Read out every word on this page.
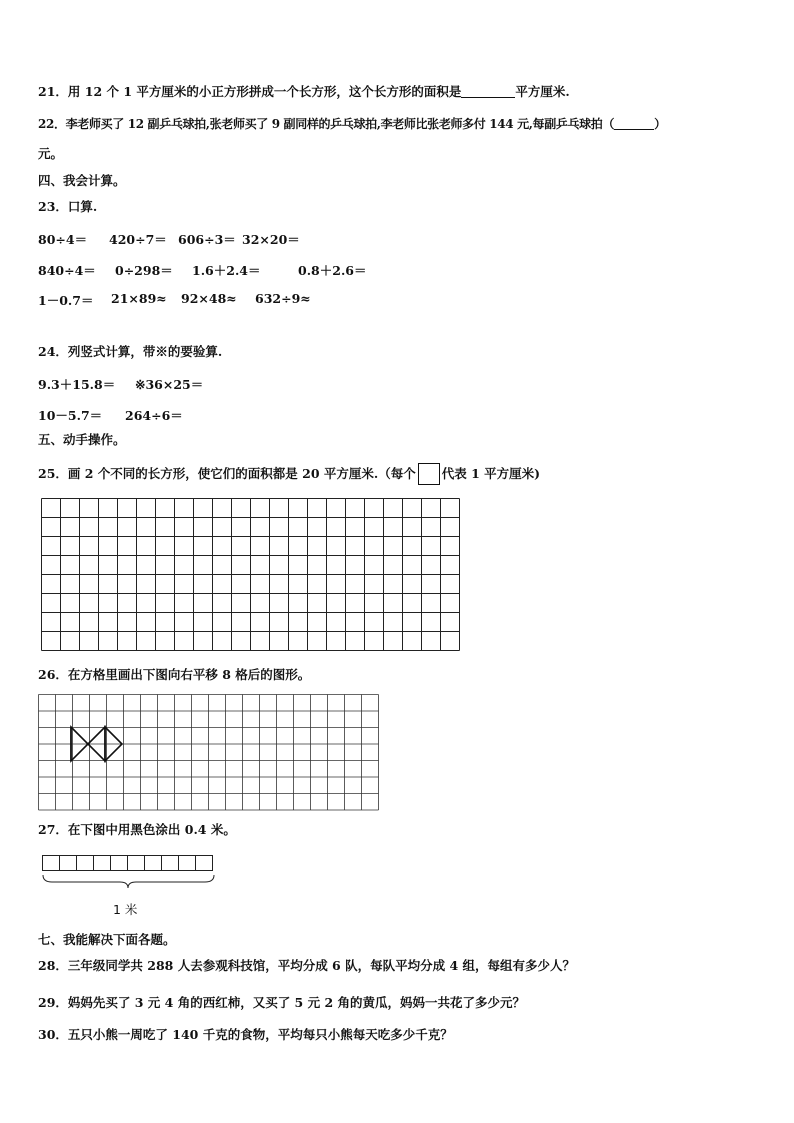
21．用 12 个 1 平方厘米的小正方形拼成一个长方形，这个长方形的面积是	平方厘米.
22．李老师买了 12 副乒乓球拍,张老师买了 9 副同样的乒乓球拍,李老师比张老师多付 144 元,每副乒乓球拍（	）
元。
四、我会计算。
23．口算.
80÷4＝ 420÷7＝ 606÷3＝ 32×20＝
840÷4＝ 0÷298＝ 1.6＋2.4＝	0.8＋2.6＝
1－0.7＝ 21×89≈ 92×48≈ 632÷9≈
24．列竖式计算，带※的要验算.
9.3＋15.8＝ ※36×25＝
10－5.7＝ 264÷6＝
五、动手操作。
25．画 2 个不同的长方形，使它们的面积都是 20 平方厘米.（每个 代表 1 平方厘米)
26．在方格里画出下图向右平移 8 格后的图形。
27．在下图中用黑色涂出 0.4 米。
1 米
七、我能解决下面各题。
28．三年级同学共 288 人去参观科技馆，平均分成 6 队，每队平均分成 4 组，每组有多少人？
29．妈妈先买了 3 元 4 角的西红柿，又买了 5 元 2 角的黄瓜，妈妈一共花了多少元？
30．五只小熊一周吃了 140 千克的食物，平均每只小熊每天吃多少千克？
